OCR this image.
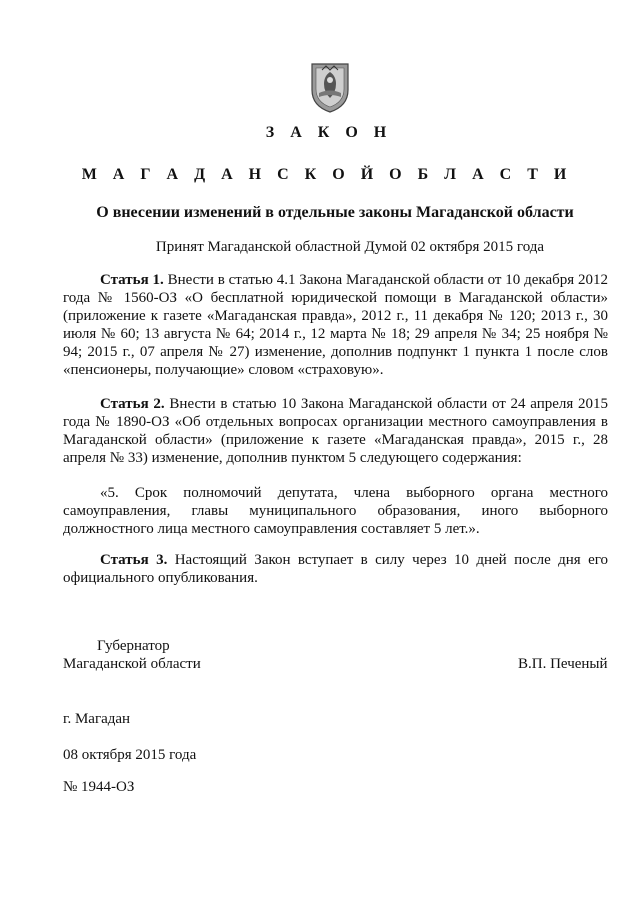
З А К О Н
М А Г А Д А Н С К О Й О Б Л А С Т И
О внесении изменений в отдельные законы Магаданской области
Принят Магаданской областной Думой 02 октября 2015 года

Статья 1. Внести в статью 4.1 Закона Магаданской области от 10 декабря 2012 года № 1560-ОЗ «О бесплатной юридической помощи в Магаданской области» (приложение к газете «Магаданская правда», 2012 г., 11 декабря № 120; 2013 г., 30 июля № 60; 13 августа № 64; 2014 г., 12 марта № 18; 29 апреля № 34; 25 ноября № 94; 2015 г., 07 апреля № 27) изменение, дополнив подпункт 1 пункта 1 после слов «пенсионеры, получающие» словом «страховую».

Статья 2. Внести в статью 10 Закона Магаданской области от 24 апреля 2015 года № 1890-ОЗ «Об отдельных вопросах организации местного самоуправления в Магаданской области» (приложение к газете «Магаданская правда», 2015 г., 28 апреля № 33) изменение, дополнив пунктом 5 следующего содержания:

«5. Срок полномочий депутата, члена выборного органа местного самоуправления, главы муниципального образования, иного выборного должностного лица местного самоуправления составляет 5 лет.».

Статья 3. Настоящий Закон вступает в силу через 10 дней после дня его официального опубликования.

Губернатор
Магаданской области	В.П. Печеный
г. Магадан
08 октября 2015 года
№ 1944-ОЗ
